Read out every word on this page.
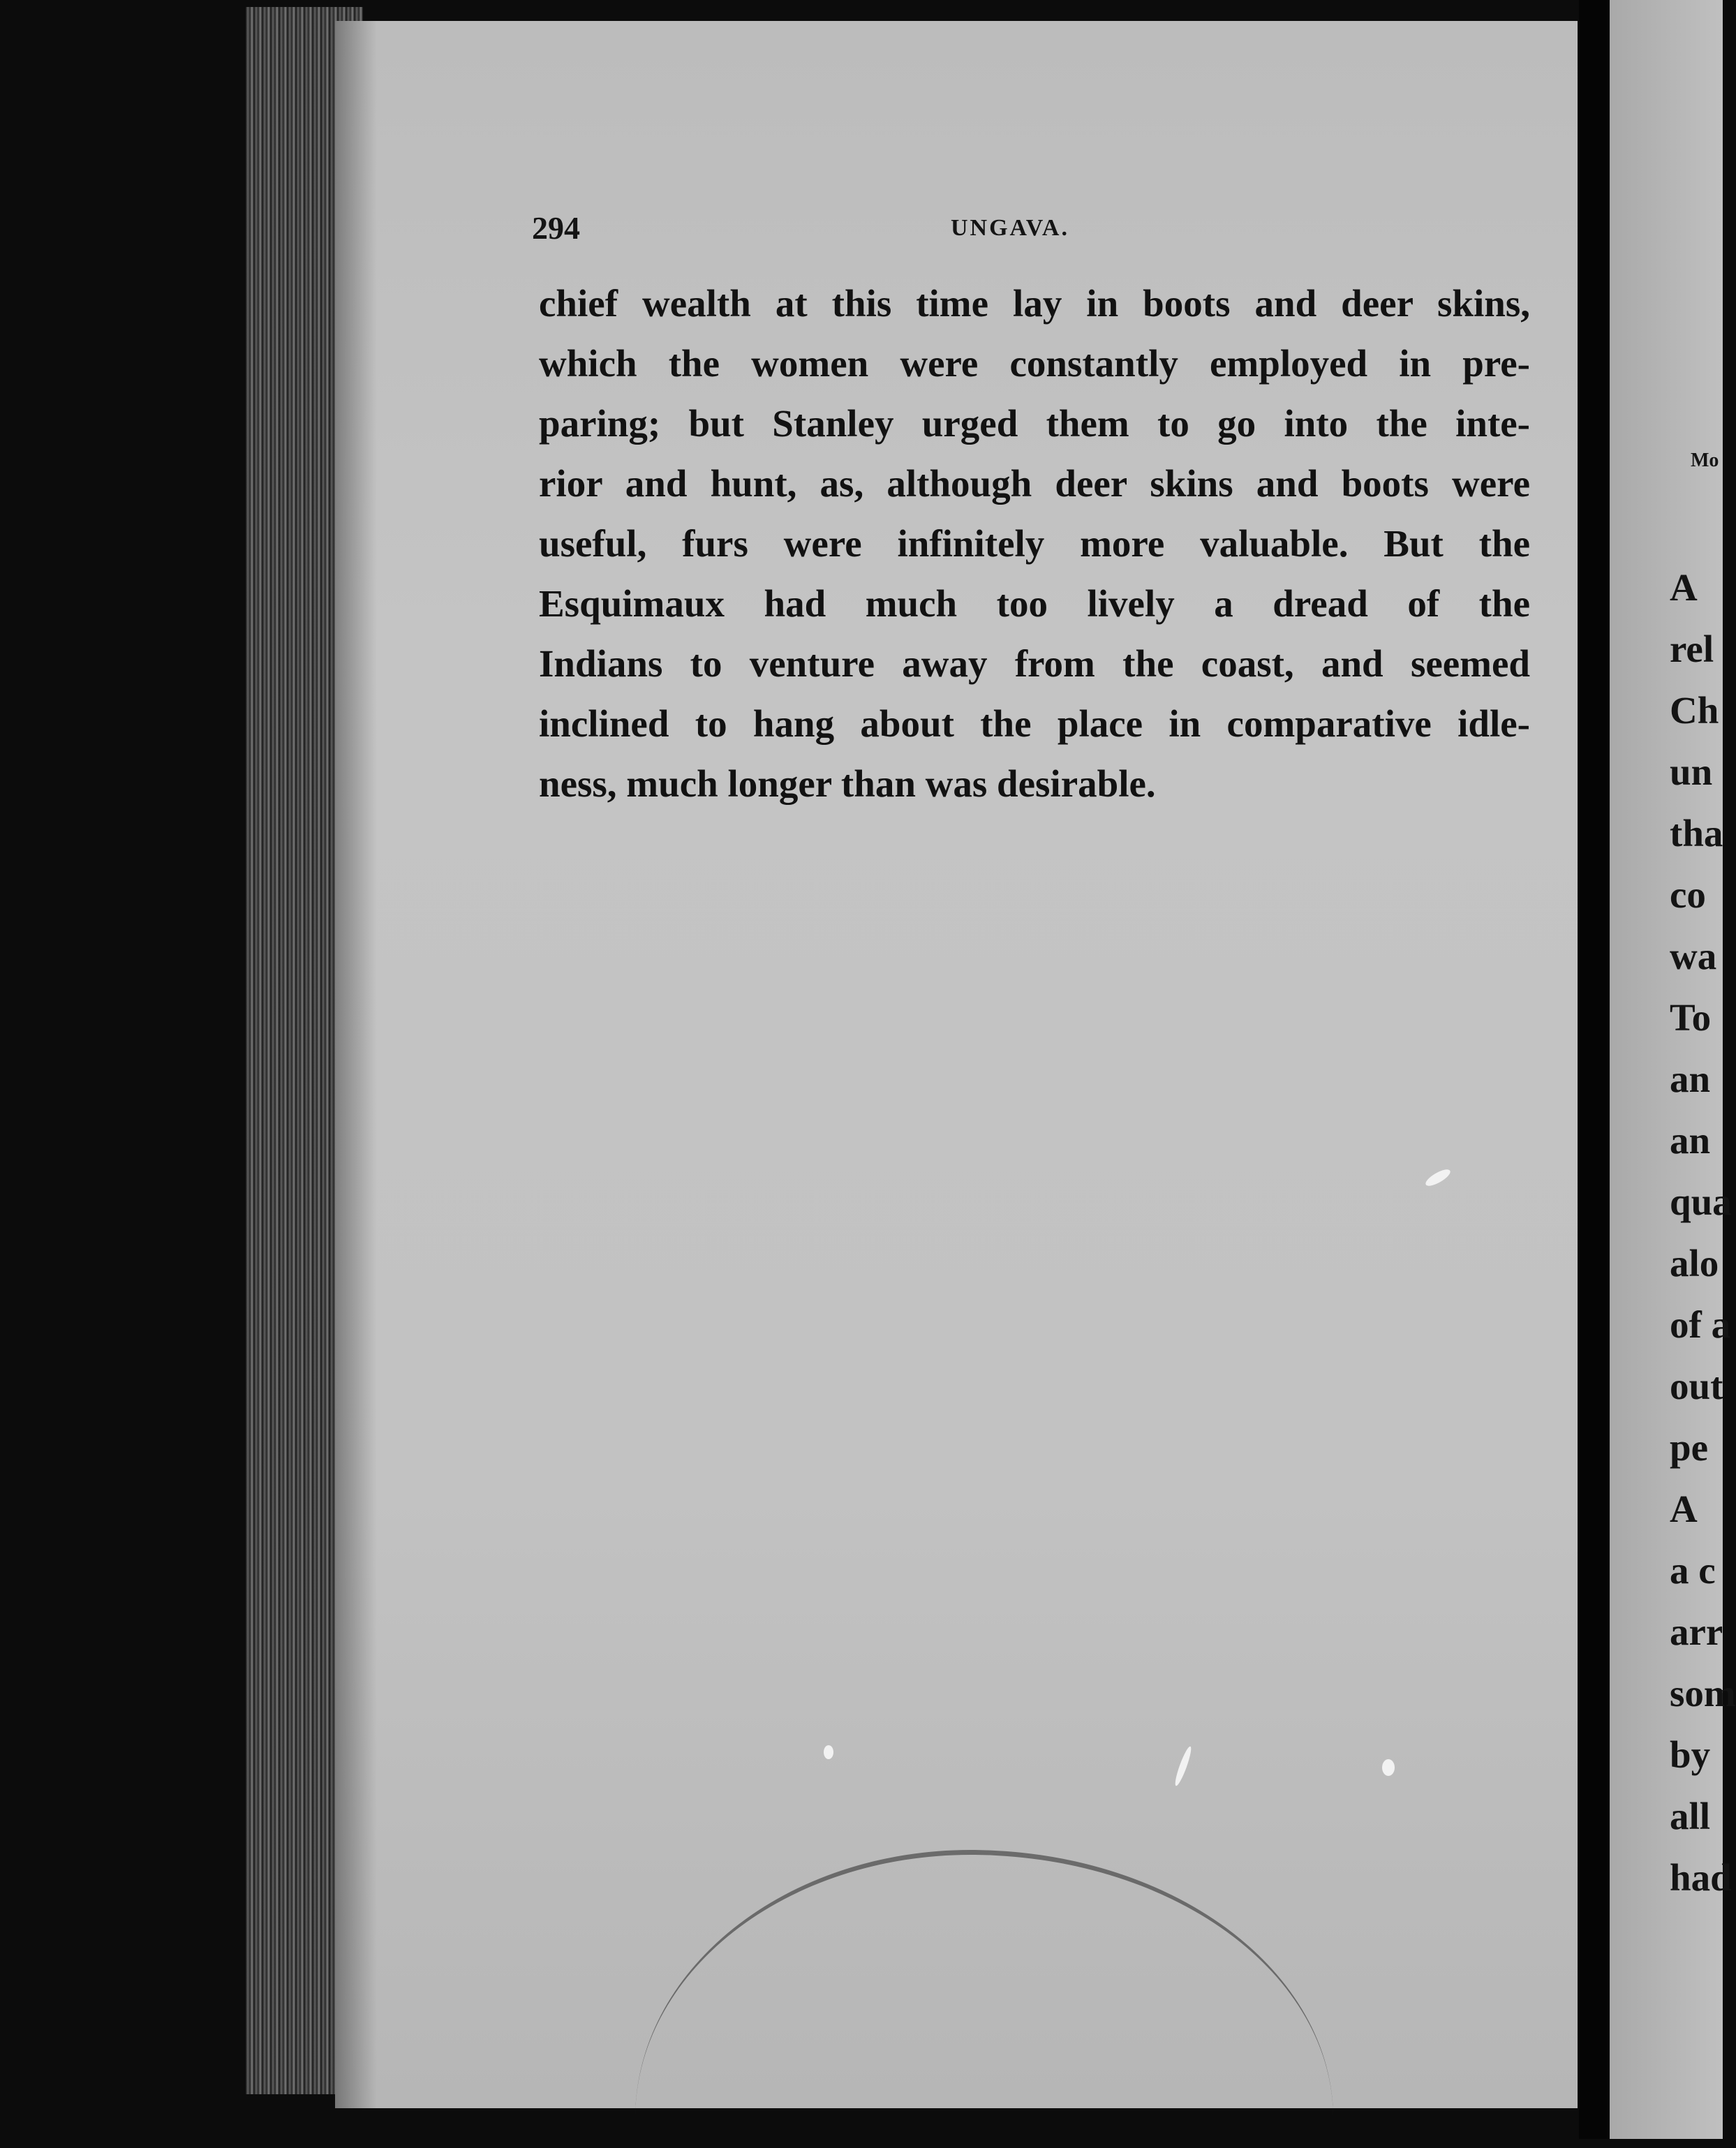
294	UNGAVA.
chief wealth at this time lay in boots and deer skins,
which the women were constantly employed in pre-
paring; but Stanley urged them to go into the inte-
rior and hunt, as, although deer skins and boots were
useful, furs were infinitely more valuable. But the
Esquimaux had much too lively a dread of the
Indians to venture away from the coast, and seemed
inclined to hang about the place in comparative idle-
ness, much longer than was desirable.
Mo
A
rel
Ch
un
tha
co
wa
To
an
an
qua
alo
of a
out
pe
A
a c
arr
som
by
all
had
